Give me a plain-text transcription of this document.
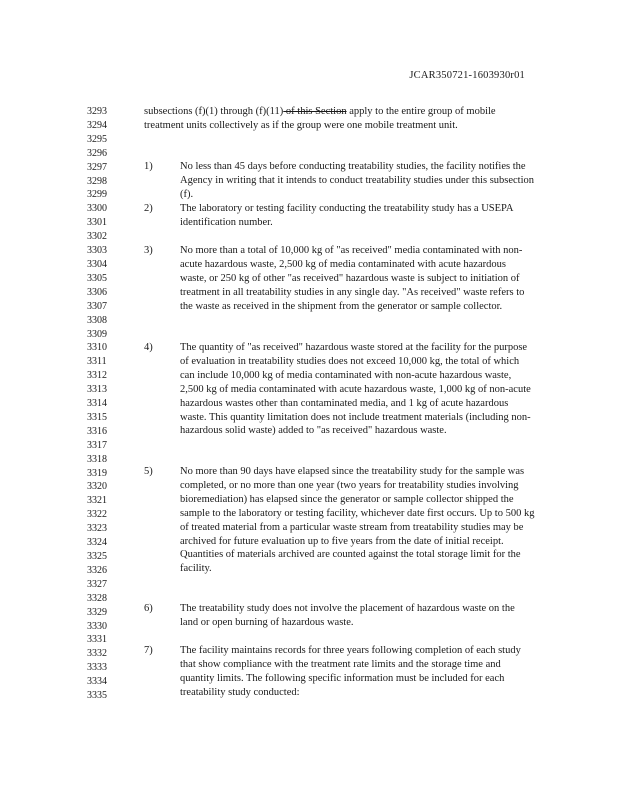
JCAR350721-1603930r01
3293
3294
3295
3296
3297
3298
3299
3300
3301
3302
3303
3304
3305
3306
3307
3308
3309
3310
3311
3312
3313
3314
3315
3316
3317
3318
3319
3320
3321
3322
3323
3324
3325
3326
3327
3328
3329
3330
3331
3332
3333
3334
3335
subsections (f)(1) through (f)(11) of this Section apply to the entire group of mobile treatment units collectively as if the group were one mobile treatment unit.
1)	No less than 45 days before conducting treatability studies, the facility notifies the Agency in writing that it intends to conduct treatability studies under this subsection (f).
2)	The laboratory or testing facility conducting the treatability study has a USEPA identification number.
3)	No more than a total of 10,000 kg of "as received" media contaminated with non-acute hazardous waste, 2,500 kg of media contaminated with acute hazardous waste, or 250 kg of other "as received" hazardous waste is subject to initiation of treatment in all treatability studies in any single day. "As received" waste refers to the waste as received in the shipment from the generator or sample collector.
4)	The quantity of "as received" hazardous waste stored at the facility for the purpose of evaluation in treatability studies does not exceed 10,000 kg, the total of which can include 10,000 kg of media contaminated with non-acute hazardous waste, 2,500 kg of media contaminated with acute hazardous waste, 1,000 kg of non-acute hazardous wastes other than contaminated media, and 1 kg of acute hazardous waste. This quantity limitation does not include treatment materials (including non-hazardous solid waste) added to "as received" hazardous waste.
5)	No more than 90 days have elapsed since the treatability study for the sample was completed, or no more than one year (two years for treatability studies involving bioremediation) has elapsed since the generator or sample collector shipped the sample to the laboratory or testing facility, whichever date first occurs. Up to 500 kg of treated material from a particular waste stream from treatability studies may be archived for future evaluation up to five years from the date of initial receipt. Quantities of materials archived are counted against the total storage limit for the facility.
6)	The treatability study does not involve the placement of hazardous waste on the land or open burning of hazardous waste.
7)	The facility maintains records for three years following completion of each study that show compliance with the treatment rate limits and the storage time and quantity limits. The following specific information must be included for each treatability study conducted:
